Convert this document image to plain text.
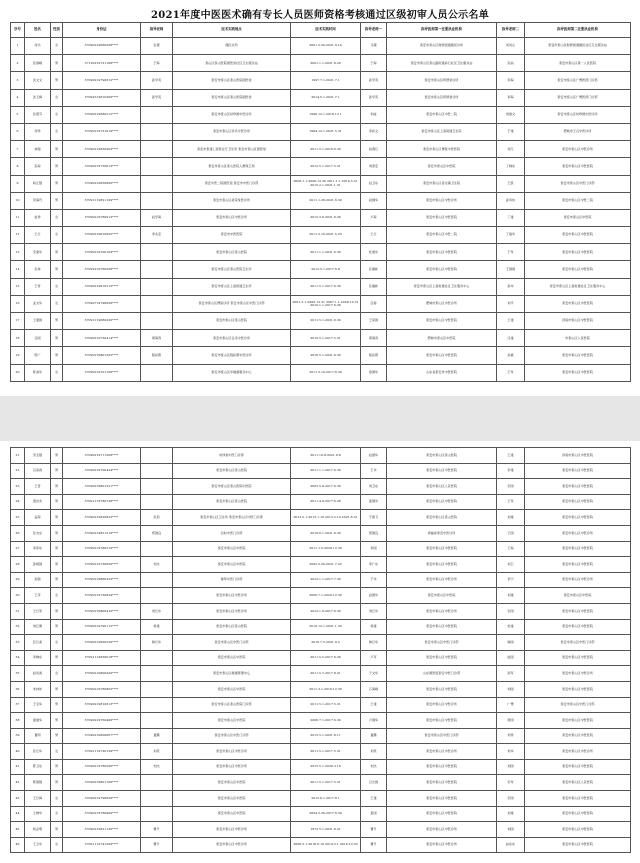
2021年度中医医术确有专长人员医师资格考核通过区级初审人员公示名单
序号	姓名	性别	身份证	指导老师	医术实践地点	医术实践时间	指导老师一	指导医师第一注册执业机构	指导老师二	指导医师第二注册执业机构
1	何出	女	37090219660508****	张捷	健民诊所	2001.5.20-2021.9.14	马捷	泰安市泰山区财源街道健民诊所	何凤山	泰安市泰山区财源街道健民社区卫生服务站
2	张国峰	男	37120219721108****	于海	泰山区泰山医院国医堂社区卫生服务站	2001.1.1-2021.8.20	于海	泰安市泰山区泰山路街道彩石社区卫生服务站	张丽	泰安市泰山区第一人民医院
3	沈文文	男	37090219790812****	孙学英	泰安市泰山区泰山医院国医堂	1997.7.1-2021.7.1	孙学英	泰安市泰山区邦德堂诊所	李海	泰安市泰山区广博医药门诊部
4	沈玉梅	女	37092319810306****	孙学英	泰安市泰山区泰山医院国医堂	2014.5.1-2021.7.1	孙学英	泰安市泰山区邦德堂诊所	李海	泰安市泰山区广博医药门诊部
5	张德芬	女	37090219680215****		泰安市泰山区时珍国中医诊所	1996.12.1-2018.12.1	刘成	泰安市泰山区中医二院	刘建文	泰安市泰山区时珍国中医诊所
6	何珍	女	37090219731019****		泰安市泰山区李氏中医诊所	1994.12.1-2021.5.31	李彩文	泰安市泰山区上高街道卫生院	于建	肥城市王瓜中医诊所
7	林强	男	37090219830903****		泰安市泰建工商营业厅卫生所 泰安市泰山区国医堂	2011.5.1-2016.6.30	赵春红	泰安市泰山区博爱中医医院	何红	泰安市泰山区中医诊所
8	张海	男	37090219750813****		泰安市泰山区泰山医院人群保卫局	2012.5.1-2017.5.31	刘泰安	泰安市泰山区中医院	丁晓东	泰安市泰山区中医医院
9	杨正强	男	37090219830806****		泰安中医二院国医馆 泰安市中医门诊部	2006.1.1-2006.12.30 2011.1.1-2014.3.31 2015.2.1-2021.1.31	赵卫东	泰安市泰山区省庄镇卫生院	王凯	泰安市泰山区中医门诊部
10	吴海舟	男	37091119821109****		泰安市泰山区美景堂医诊所	2011.1.28-2021.6.30	赵国华	泰安市泰山区中医诊所	孙风伟	泰安市泰山区中医二院
11	赵秀	女	37090219780913****	赵学海	泰安市泰山区中医诊所	2015.3.6-2021.6.30	卢海	泰安市泰山区中医医院	丁建	泰安市泰山区中医院
12	王红	女	37090219810925****	李兆安	泰安市中医医院	2011.5.16-2021.5.23	王红	泰安市泰山区中医二院	丁建华	泰安市泰山区中医医院
13	宋建华	男	37090219700109****		泰安市泰山区泰山医院	2011.1.1-2021.6.30	杜建华	泰安市泰山区中医医院	于军	泰安市泰山区中医医院
14	张林	男	37092219760508****		泰安市泰山区泰山医院卫生所	2012.5.1-2017.6.8	张雁彬	泰安市泰山区中医医院	王国强	泰安市泰山区中医医院
15	王雪	女	37090219810512****		泰安市泰山区上高街道卫生所	2011.5.1-2017.6.30	张雁彬	泰安市泰山区上高街道社区卫生服务中心	孙华	泰安市泰山区上高街道社区卫生服务中心
16	孟文华	女	37090719790828****		泰安市泰山区博爱诊所 泰安市泰山区中医门诊部	2001.5.1-2006.12.31 2007.1.1-2009.12.31 2010.1.1-2017.6.30	吕春	肥城市泰山区中医诊所	刘平	泰安市泰山区中医医院
17	王建国	男	37091119680226****		泰安市泰山区泰山医院	2011.5.1-2021.6.30	王泽国	泰安市泰山区中医医院	王建	济南市泰山区中医医院
18	任国	男	37090219730414****	周海涛	泰安市泰山区任丞中医诊所	2010.5.1-2017.5.31	周海涛	肥城市泰山区中医院	任建	市泰山区人民医院
19	陈广	男	37090219801205****	程彩霞	泰安市泰山区程彩霞中医诊所	2010.5.1-2021.6.30	程彩霞	泰安市泰山区中医医院	孙嘉	泰安市泰山区中医医院
20	陈美华	女	37090219701106****		泰安市泰山区华健康服务中心	2011.5.10-2017.6.30	徐国华	山东省泰安市中医医院	王军	泰安市泰山区中医医院
21	吴宝强	男	37090219711208****		时珍堂中医门诊部	2011.10.8-2021.8.8	赵国华	泰安市泰山区泰山医院	王建	济南市泰山区中医医院
22	吕家森	男	37090219700424****		泰安市泰山区泰山医院	2011.1.1-2017.6.30	王华	泰安市泰山区中医医院	李建	泰安市泰山区中医医院
23	王哲	男	37090219801221****		泰安市泰山区泰山医院中医院	2005.5.9-2017.6.30	刘卫东	泰安市泰山区人民医院	宋国	泰安市泰山区中医医院
24	聂洪杰	男	37091119780728****		泰安市泰山区泰山医院	2011.4.9-2017.6.28	姜国华	泰安市泰山区中医医院	王军	泰安市泰山区中医医院
25	孟海	男	37090219820823****	张莉	泰安市泰山区卫生所 泰安市泰山区中医门诊部	2012.5.1-2013.1.10 2013.2.10-2021.8.31	于鲁飞	泰安市泰山区泰山医院	刘建	泰安市泰山区中医医院
26	张吉东	男	37090219851216****	郑国良	四时中医门诊部	2016.6.1-2021.6.30	郑国良	鸿福堂泰安中医诊所	王国	泰安市泰山区中医诊所
27	李泽东	男	37090219780519****		泰安市泰山区中医院	2011.1.5-2020.12.30	李国	泰安市泰山区中医医院	王海	泰安市泰山区中医医院
28	孙相国	男	37090219730820****	刘杰	泰安市泰山区中医院	2002.5.20-2021.7.22	李广东	泰安市泰山区中医医院	刘卫	泰安市泰山区中医医院
29	孙强	男	37090219860322****		御草中医门诊部	2012.1.1-2017.7.30	于华	泰安市泰山区中医诊所	李宁	泰安市泰山区中医诊所
30	王萍	女	37090219730824****		泰安市泰山区中医诊所	2006.7.1-2020.12.30	赵国华	泰安市泰山区中医院	刘建	泰安市泰山区中医院
31	王红军	男	37090219800410****	刘红华	泰安市泰山区中医诊所	2012.1.6-2017.6.30	刘红华	泰安市泰山区中医诊所	宋国	泰安市泰山区中医医院
32	刘红旗	男	37090219790115****	杨建	泰安市泰山区泰山医院	2010.12.1-2021.1.30	杨建	泰安市泰山区中医医院	杜建	泰安市泰山区中医医院
33	张红美	女	37090219820529****	韩红华	泰安市泰山区中医门诊部	2016.7.5-2021.9.2	韩红华	泰安市泰山区中医门诊部	韩国	泰安市泰山区中医门诊部
34	李晓东	男	37091119830618****		泰安市泰山区中医院	2011.5.5-2017.6.30	卢军	泰安市泰山区中医医院	赵国	泰安市泰山区中医医院
35	赵凤美	女	37090219800420****		泰安市泰山区健康管理中心	2011.5.7-2017.8.21	于文华	山东国医馆泰安中医门诊部	孙军	泰安市泰山区中医诊所
36	朱林伟	男	37090219780802****		泰安市泰山区中医院	2011.3.1-2016.12.30	石海峰	泰安市泰山区中医医院	刘国	泰安市泰山区中医医院
37	王宝华	男	37090219810813****		泰安市泰山区泰山医院门诊部	2011.5.1-2017.5.31	王建	泰安市泰山区中医诊所	广博	泰安市泰山区中医门诊部
38	夏建华	男	37090219760406****		泰安市泰山区中医院	2006.7.1-2017.6.30	卢国华	泰安市泰山区中医医院	周国	泰安市泰山区中医医院
39	夏明	男	37090219800807****	夏鹏	泰安市泰山区中医门诊部	2015.5.1-2021.8.11	夏鹏	泰安市泰山区中医门诊部	刘秀	泰安市泰山区中医医院
40	张红华	女	37091119720129****	刘英	泰安市泰山区中医诊所	2011.5.1-2017.5.31	刘英	泰安市泰山区中医诊所	刘华	泰安市泰山区中医诊所
41	陈卫东	男	37090219780506****	刘杰	泰安市泰山区中医诊所	2015.5.1-2020.3.19	刘杰	泰安市泰山区中医医院	刘国	泰安市泰山区中医医院
42	陈国强	男	37090219801108****		泰安市泰山区中医院	2011.5.1-2017.5.31	吕志国	泰安市泰山区中医医院	宋军	泰安市泰山区人民医院
43	王红梅	女	37090219790828****		泰安市泰山区中医院	2012.6.1-2017.8.1	王建	泰安市泰山区中医医院	宋国	泰安市泰山区中医医院
44	王晓华	女	37090219780909****		泰安市泰山区中医院	2004.5.26-2017.6.30	姜国	泰安市泰山区中医医院	刘建	泰安市泰山区中医医院
45	杨必明	男	37090219821130****	曹升	泰安市泰山区中医诊所	1972.5.1-2021.8.21	曹升	泰安市泰山区中医诊所	刘国	泰安市泰山区中医医院
46	王云华	女	37091119741209****	曹升	泰安市泰山区中医诊所	2006.5.1-2018.6.10 2014.5.1-2016.10.30	曹升	泰安市泰山区中医诊所	赵东东	泰安市泰山区中医医院
